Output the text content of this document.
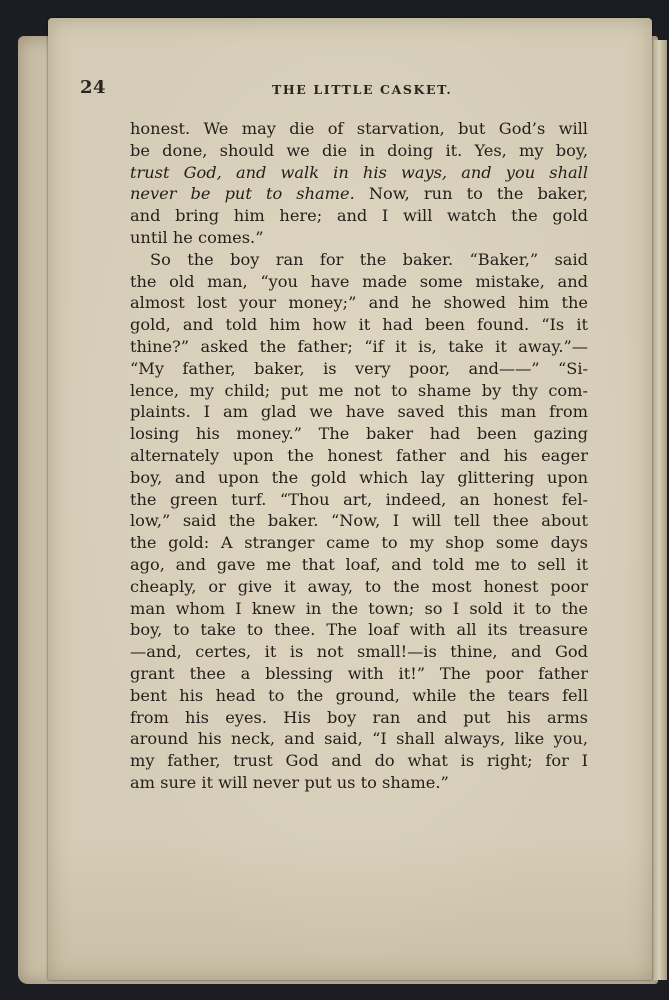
24	THE LITTLE CASKET.
honest. We may die of starvation, but God’s will
be done, should we die in doing it. Yes, my boy,
trust God, and walk in his ways, and you shall
never be put to shame. Now, run to the baker,
and bring him here; and I will watch the gold
until he comes.”
So the boy ran for the baker. “Baker,” said
the old man, “you have made some mistake, and
almost lost your money;” and he showed him the
gold, and told him how it had been found. “Is it
thine?” asked the father; “if it is, take it away.”—
“My father, baker, is very poor, and——” “Si-
lence, my child; put me not to shame by thy com-
plaints. I am glad we have saved this man from
losing his money.” The baker had been gazing
alternately upon the honest father and his eager
boy, and upon the gold which lay glittering upon
the green turf. “Thou art, indeed, an honest fel-
low,” said the baker. “Now, I will tell thee about
the gold: A stranger came to my shop some days
ago, and gave me that loaf, and told me to sell it
cheaply, or give it away, to the most honest poor
man whom I knew in the town; so I sold it to the
boy, to take to thee. The loaf with all its treasure
—and, certes, it is not small!—is thine, and God
grant thee a blessing with it!” The poor father
bent his head to the ground, while the tears fell
from his eyes. His boy ran and put his arms
around his neck, and said, “I shall always, like you,
my father, trust God and do what is right; for I
am sure it will never put us to shame.”
